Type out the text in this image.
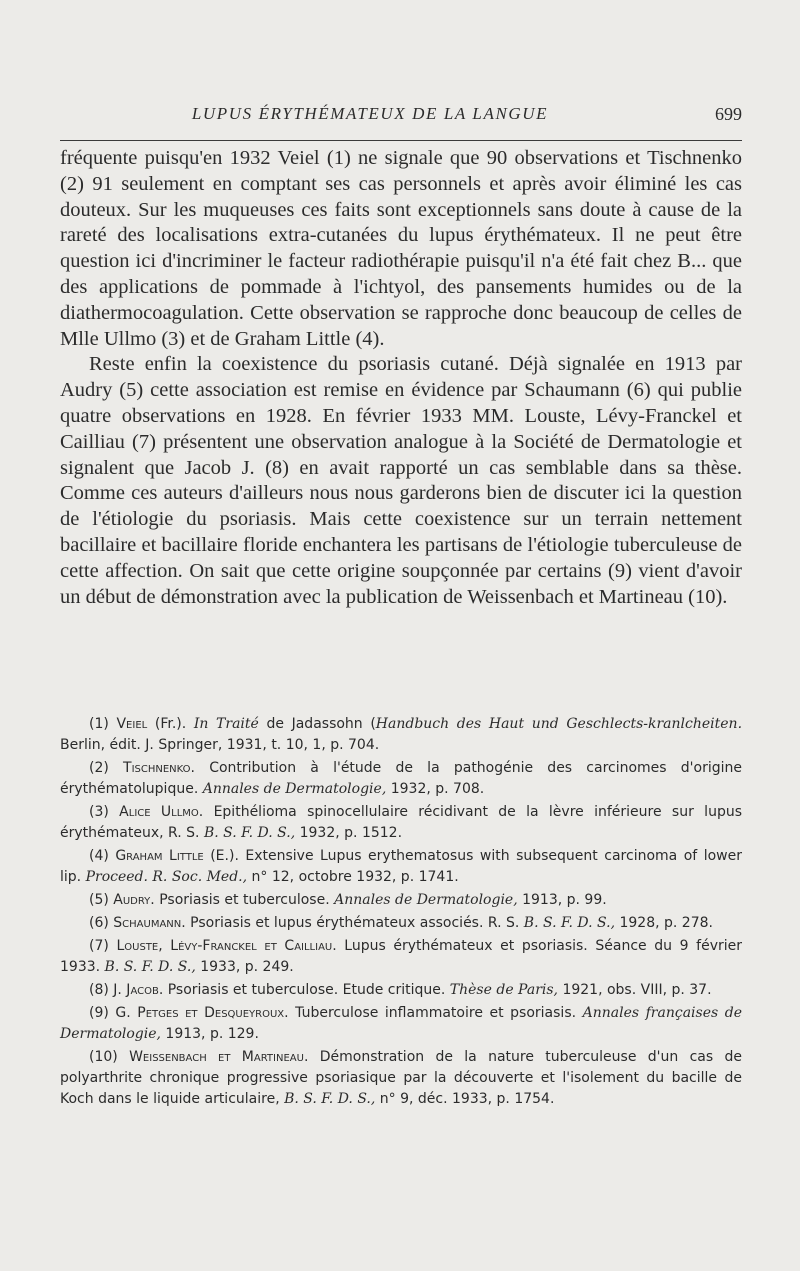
LUPUS ÉRYTHÉMATEUX DE LA LANGUE	699

fréquente puisqu'en 1932 Veiel (1) ne signale que 90 observations et Tischnenko (2) 91 seulement en comptant ses cas personnels et après avoir éliminé les cas douteux. Sur les muqueuses ces faits sont exceptionnels sans doute à cause de la rareté des localisations extra-cutanées du lupus érythémateux. Il ne peut être question ici d'incriminer le facteur radiothérapie puisqu'il n'a été fait chez B... que des applications de pommade à l'ichtyol, des pansements humides ou de la diathermocoagulation. Cette observation se rapproche donc beaucoup de celles de Mlle Ullmo (3) et de Graham Little (4).

Reste enfin la coexistence du psoriasis cutané. Déjà signalée en 1913 par Audry (5) cette association est remise en évidence par Schaumann (6) qui publie quatre observations en 1928. En février 1933 MM. Louste, Lévy-Franckel et Cailliau (7) présentent une observation analogue à la Société de Dermatologie et signalent que Jacob J. (8) en avait rapporté un cas semblable dans sa thèse. Comme ces auteurs d'ailleurs nous nous garderons bien de discuter ici la question de l'étiologie du psoriasis. Mais cette coexistence sur un terrain nettement bacillaire et bacillaire floride enchantera les partisans de l'étiologie tuberculeuse de cette affection. On sait que cette origine soupçonnée par certains (9) vient d'avoir un début de démonstration avec la publication de Weissenbach et Martineau (10).

(1) Veiel (Fr.). In Traité de Jadassohn (Handbuch des Haut und Geschlects-kranlcheiten. Berlin, édit. J. Springer, 1931, t. 10, 1, p. 704.

(2) Tischnenko. Contribution à l'étude de la pathogénie des carcinomes d'origine érythématolupique. Annales de Dermatologie, 1932, p. 708.

(3) Alice Ullmo. Epithélioma spinocellulaire récidivant de la lèvre inférieure sur lupus érythémateux, R. S. B. S. F. D. S., 1932, p. 1512.

(4) Graham Little (E.). Extensive Lupus erythematosus with subsequent carcinoma of lower lip. Proceed. R. Soc. Med., n° 12, octobre 1932, p. 1741.

(5) Audry. Psoriasis et tuberculose. Annales de Dermatologie, 1913, p. 99.

(6) Schaumann. Psoriasis et lupus érythémateux associés. R. S. B. S. F. D. S., 1928, p. 278.

(7) Louste, Lévy-Franckel et Cailliau. Lupus érythémateux et psoriasis. Séance du 9 février 1933. B. S. F. D. S., 1933, p. 249.

(8) J. Jacob. Psoriasis et tuberculose. Etude critique. Thèse de Paris, 1921, obs. VIII, p. 37.

(9) G. Petges et Desqueyroux. Tuberculose inflammatoire et psoriasis. Annales françaises de Dermatologie, 1913, p. 129.

(10) Weissenbach et Martineau. Démonstration de la nature tuberculeuse d'un cas de polyarthrite chronique progressive psoriasique par la découverte et l'isolement du bacille de Koch dans le liquide articulaire, B. S. F. D. S., n° 9, déc. 1933, p. 1754.
